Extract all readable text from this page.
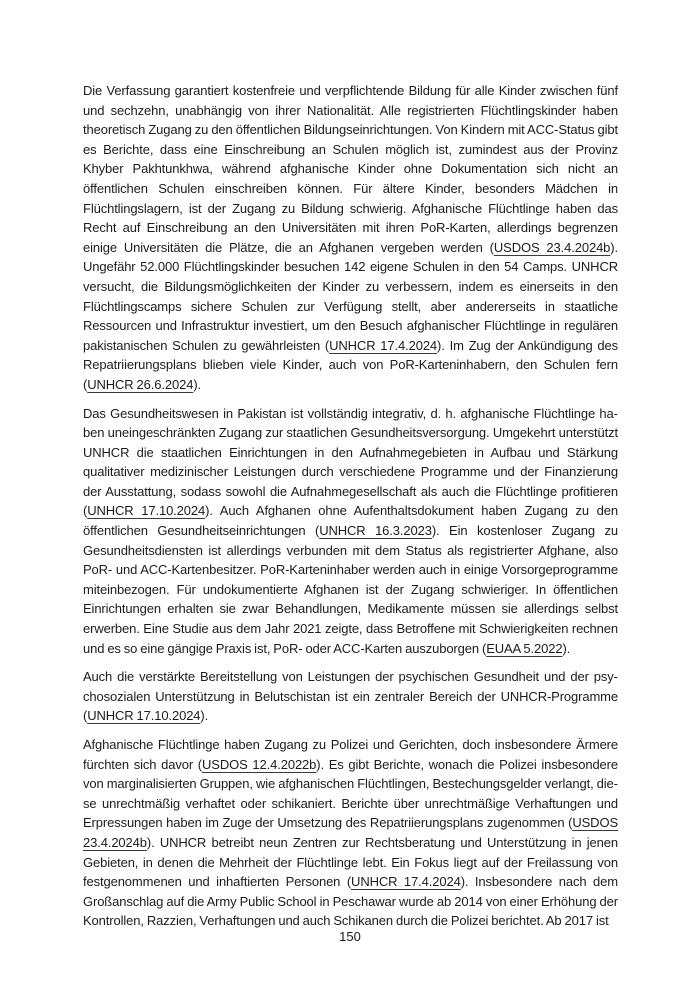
Die Verfassung garantiert kostenfreie und verpflichtende Bildung für alle Kinder zwischen fünf und sechzehn, unabhängig von ihrer Nationalität. Alle registrierten Flüchtlingskinder haben theoretisch Zugang zu den öffentlichen Bildungseinrichtungen. Von Kindern mit ACC-Status gibt es Berichte, dass eine Einschreibung an Schulen möglich ist, zumindest aus der Provinz Khyber Pakhtunkhwa, während afghanische Kinder ohne Dokumentation sich nicht an öffentlichen Schulen einschreiben können. Für ältere Kinder, besonders Mädchen in Flüchtlingslagern, ist der Zugang zu Bildung schwierig. Afghanische Flüchtlinge haben das Recht auf Einschreibung an den Universitäten mit ihren PoR-Karten, allerdings begrenzen einige Universitäten die Plätze, die an Afghanen vergeben werden (USDOS 23.4.2024b). Ungefähr 52.000 Flüchtlingskinder besuchen 142 eigene Schulen in den 54 Camps. UNHCR versucht, die Bildungsmöglichkeiten der Kinder zu verbessern, indem es einerseits in den Flüchtlingscamps sichere Schulen zur Verfügung stellt, aber andererseits in staatliche Ressourcen und Infrastruktur investiert, um den Besuch afghanischer Flüchtlinge in regulären pakistanischen Schulen zu gewährleisten (UNHCR 17.4.2024). Im Zug der Ankündigung des Repatriierungsplans blieben viele Kinder, auch von PoR-Karteninhabern, den Schulen fern (UNHCR 26.6.2024).

Das Gesundheitswesen in Pakistan ist vollständig integrativ, d. h. afghanische Flüchtlinge haben uneingeschränkten Zugang zur staatlichen Gesundheitsversorgung. Umgekehrt unterstützt UNHCR die staatlichen Einrichtungen in den Aufnahmegebieten in Aufbau und Stärkung qualitativer medizinischer Leistungen durch verschiedene Programme und der Finanzierung der Ausstattung, sodass sowohl die Aufnahmegesellschaft als auch die Flüchtlinge profitieren (UNHCR 17.10.2024). Auch Afghanen ohne Aufenthaltsdokument haben Zugang zu den öffentlichen Gesundheitseinrichtungen (UNHCR 16.3.2023). Ein kostenloser Zugang zu Gesundheitsdiensten ist allerdings verbunden mit dem Status als registrierter Afghane, also PoR- und ACC-Kartenbesitzer. PoR-Karteninhaber werden auch in einige Vorsorgeprogramme miteinbezogen. Für undokumentierte Afghanen ist der Zugang schwieriger. In öffentlichen Einrichtungen erhalten sie zwar Behandlungen, Medikamente müssen sie allerdings selbst erwerben. Eine Studie aus dem Jahr 2021 zeigte, dass Betroffene mit Schwierigkeiten rechnen und es so eine gängige Praxis ist, PoR- oder ACC-Karten auszuborgen (EUAA 5.2022).

Auch die verstärkte Bereitstellung von Leistungen der psychischen Gesundheit und der psychosozialen Unterstützung in Belutschistan ist ein zentraler Bereich der UNHCR-Programme (UNHCR 17.10.2024).

Afghanische Flüchtlinge haben Zugang zu Polizei und Gerichten, doch insbesondere Ärmere fürchten sich davor (USDOS 12.4.2022b). Es gibt Berichte, wonach die Polizei insbesondere von marginalisierten Gruppen, wie afghanischen Flüchtlingen, Bestechungsgelder verlangt, diese unrechtmäßig verhaftet oder schikaniert. Berichte über unrechtmäßige Verhaftungen und Erpressungen haben im Zuge der Umsetzung des Repatriierungsplans zugenommen (USDOS 23.4.2024b). UNHCR betreibt neun Zentren zur Rechtsberatung und Unterstützung in jenen Gebieten, in denen die Mehrheit der Flüchtlinge lebt. Ein Fokus liegt auf der Freilassung von festgenommenen und inhaftierten Personen (UNHCR 17.4.2024). Insbesondere nach dem Großanschlag auf die Army Public School in Peschawar wurde ab 2014 von einer Erhöhung der Kontrollen, Razzien, Verhaftungen und auch Schikanen durch die Polizei berichtet. Ab 2017 ist

150
